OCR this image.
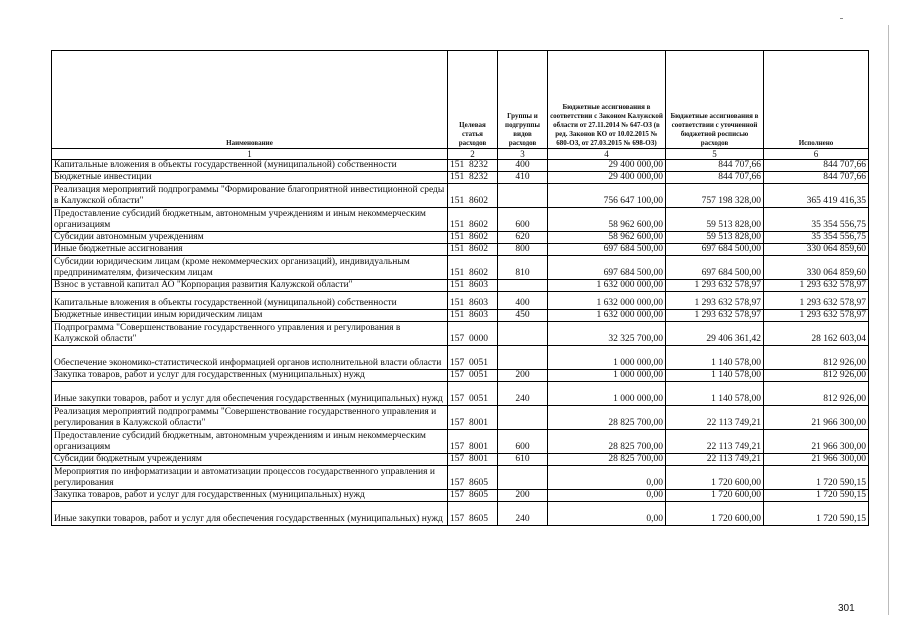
Наименование	Целевая статья расходов	Группы и подгруппы видов расходов	Бюджетные ассигнования в соответствии с Законом Калужской области от 27.11.2014 № 647-ОЗ (в ред. Законов КО от 10.02.2015 № 680-ОЗ, от 27.03.2015 № 698-ОЗ)	Бюджетные ассигнования в соответствии с уточненной бюджетной росписью расходов	Исполнено
1	2	3	4	5	6
Капитальные вложения в объекты государственной (муниципальной) собственности	151  8232	400	29 400 000,00	844 707,66	844 707,66
Бюджетные инвестиции	151  8232	410	29 400 000,00	844 707,66	844 707,66
Реализация мероприятий подпрограммы "Формирование благоприятной инвестиционной среды в Калужской области"	151  8602		756 647 100,00	757 198 328,00	365 419 416,35
Предоставление субсидий бюджетным, автономным учреждениям и иным некоммерческим организациям	151  8602	600	58 962 600,00	59 513 828,00	35 354 556,75
Субсидии автономным учреждениям	151  8602	620	58 962 600,00	59 513 828,00	35 354 556,75
Иные бюджетные ассигнования	151  8602	800	697 684 500,00	697 684 500,00	330 064 859,60
Субсидии юридическим лицам (кроме некоммерческих организаций), индивидуальным предпринимателям, физическим лицам	151  8602	810	697 684 500,00	697 684 500,00	330 064 859,60
Взнос в уставной капитал АО "Корпорация развития Калужской области"	151  8603		1 632 000 000,00	1 293 632 578,97	1 293 632 578,97
Капитальные вложения в объекты государственной (муниципальной) собственности	151  8603	400	1 632 000 000,00	1 293 632 578,97	1 293 632 578,97
Бюджетные инвестиции иным юридическим лицам	151  8603	450	1 632 000 000,00	1 293 632 578,97	1 293 632 578,97
Подпрограмма "Совершенствование государственного управления и регулирования в Калужской области"	157  0000		32 325 700,00	29 406 361,42	28 162 603,04
Обеспечение экономико-статистической информацией органов исполнительной власти области	157  0051		1 000 000,00	1 140 578,00	812 926,00
Закупка товаров, работ и услуг для государственных (муниципальных) нужд	157  0051	200	1 000 000,00	1 140 578,00	812 926,00
Иные закупки товаров, работ и услуг для обеспечения государственных (муниципальных) нужд	157  0051	240	1 000 000,00	1 140 578,00	812 926,00
Реализация мероприятий подпрограммы "Совершенствование государственного управления и регулирования в Калужской области"	157  8001		28 825 700,00	22 113 749,21	21 966 300,00
Предоставление субсидий бюджетным, автономным учреждениям и иным некоммерческим организациям	157  8001	600	28 825 700,00	22 113 749,21	21 966 300,00
Субсидии бюджетным учреждениям	157  8001	610	28 825 700,00	22 113 749,21	21 966 300,00
Мероприятия по информатизации и автоматизации процессов государственного управления и регулирования	157  8605		0,00	1 720 600,00	1 720 590,15
Закупка товаров, работ и услуг для государственных (муниципальных) нужд	157  8605	200	0,00	1 720 600,00	1 720 590,15
Иные закупки товаров, работ и услуг для обеспечения государственных (муниципальных) нужд	157  8605	240	0,00	1 720 600,00	1 720 590,15
301
